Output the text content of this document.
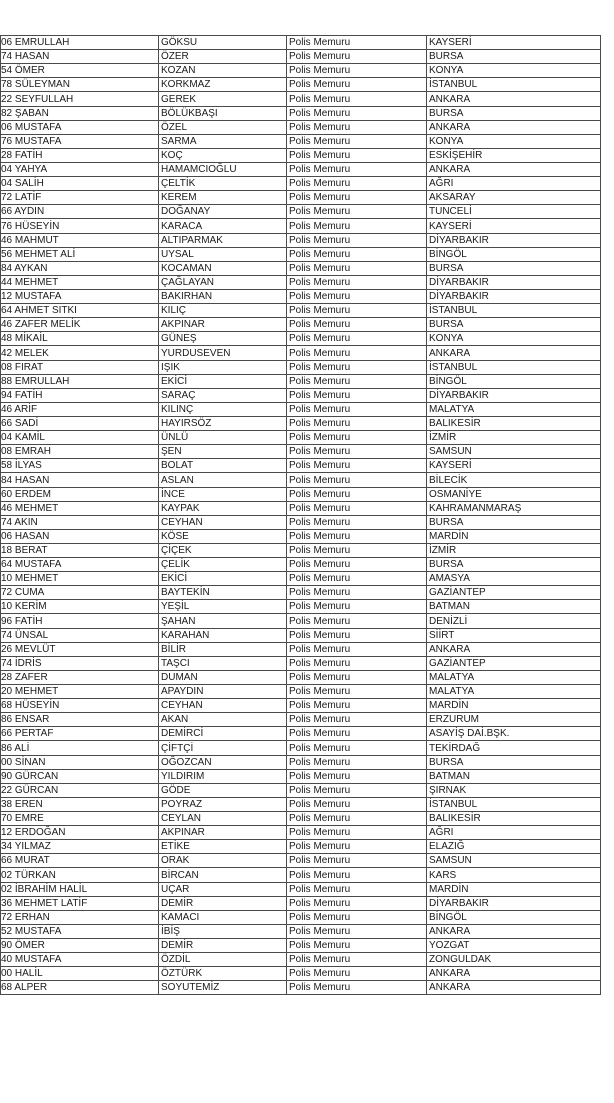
06 EMRULLAH	GÖKSU	Polis Memuru	KAYSERİ
74 HASAN	ÖZER	Polis Memuru	BURSA
54 ÖMER	KOZAN	Polis Memuru	KONYA
78 SÜLEYMAN	KORKMAZ	Polis Memuru	İSTANBUL
22 SEYFULLAH	GEREK	Polis Memuru	ANKARA
82 ŞABAN	BÖLÜKBAŞI	Polis Memuru	BURSA
06 MUSTAFA	ÖZEL	Polis Memuru	ANKARA
76 MUSTAFA	SARMA	Polis Memuru	KONYA
28 FATİH	KOÇ	Polis Memuru	ESKİŞEHİR
04 YAHYA	HAMAMCIOĞLU	Polis Memuru	ANKARA
04 SALİH	ÇELTİK	Polis Memuru	AĞRI
72 LATİF	KEREM	Polis Memuru	AKSARAY
66 AYDIN	DOĞANAY	Polis Memuru	TUNCELİ
76 HÜSEYİN	KARACA	Polis Memuru	KAYSERİ
46 MAHMUT	ALTIPARMAK	Polis Memuru	DİYARBAKIR
56 MEHMET ALİ	UYSAL	Polis Memuru	BİNGÖL
84 AYKAN	KOCAMAN	Polis Memuru	BURSA
44 MEHMET	ÇAĞLAYAN	Polis Memuru	DİYARBAKIR
12 MUSTAFA	BAKIRHAN	Polis Memuru	DİYARBAKIR
64 AHMET SITKI	KILIÇ	Polis Memuru	İSTANBUL
46 ZAFER MELİK	AKPINAR	Polis Memuru	BURSA
48 MİKAİL	GÜNEŞ	Polis Memuru	KONYA
42 MELEK	YURDUSEVEN	Polis Memuru	ANKARA
08 FIRAT	IŞIK	Polis Memuru	İSTANBUL
88 EMRULLAH	EKİCİ	Polis Memuru	BİNGÖL
94 FATİH	SARAÇ	Polis Memuru	DİYARBAKIR
46 ARİF	KILINÇ	Polis Memuru	MALATYA
66 SADİ	HAYIRSÖZ	Polis Memuru	BALIKESİR
04 KAMİL	ÜNLÜ	Polis Memuru	İZMİR
08 EMRAH	ŞEN	Polis Memuru	SAMSUN
58 İLYAS	BOLAT	Polis Memuru	KAYSERİ
84 HASAN	ASLAN	Polis Memuru	BİLECİK
60 ERDEM	İNCE	Polis Memuru	OSMANİYE
46 MEHMET	KAYPAK	Polis Memuru	KAHRAMANMARAŞ
74 AKIN	CEYHAN	Polis Memuru	BURSA
06 HASAN	KÖSE	Polis Memuru	MARDİN
18 BERAT	ÇİÇEK	Polis Memuru	İZMİR
64 MUSTAFA	ÇELİK	Polis Memuru	BURSA
10 MEHMET	EKİCİ	Polis Memuru	AMASYA
72 CUMA	BAYTEKİN	Polis Memuru	GAZİANTEP
10 KERİM	YEŞİL	Polis Memuru	BATMAN
96 FATİH	ŞAHAN	Polis Memuru	DENİZLİ
74 ÜNSAL	KARAHAN	Polis Memuru	SİİRT
26 MEVLÜT	BİLİR	Polis Memuru	ANKARA
74 İDRİS	TAŞCI	Polis Memuru	GAZİANTEP
28 ZAFER	DUMAN	Polis Memuru	MALATYA
20 MEHMET	APAYDIN	Polis Memuru	MALATYA
68 HÜSEYİN	CEYHAN	Polis Memuru	MARDİN
86 ENSAR	AKAN	Polis Memuru	ERZURUM
66 PERTAF	DEMİRCİ	Polis Memuru	ASAYİŞ DAİ.BŞK.
86 ALİ	ÇİFTÇİ	Polis Memuru	TEKİRDAĞ
00 SİNAN	OĞOZCAN	Polis Memuru	BURSA
90 GÜRCAN	YILDIRIM	Polis Memuru	BATMAN
22 GÜRCAN	GÖDE	Polis Memuru	ŞIRNAK
38 EREN	POYRAZ	Polis Memuru	İSTANBUL
70 EMRE	CEYLAN	Polis Memuru	BALIKESİR
12 ERDOĞAN	AKPINAR	Polis Memuru	AĞRI
34 YILMAZ	ETİKE	Polis Memuru	ELAZIĞ
66 MURAT	ORAK	Polis Memuru	SAMSUN
02 TÜRKAN	BİRCAN	Polis Memuru	KARS
02 İBRAHİM HALİL	UÇAR	Polis Memuru	MARDİN
36 MEHMET LATİF	DEMİR	Polis Memuru	DİYARBAKIR
72 ERHAN	KAMACI	Polis Memuru	BİNGÖL
52 MUSTAFA	İBİŞ	Polis Memuru	ANKARA
90 ÖMER	DEMİR	Polis Memuru	YOZGAT
40 MUSTAFA	ÖZDİL	Polis Memuru	ZONGULDAK
00 HALİL	ÖZTÜRK	Polis Memuru	ANKARA
68 ALPER	SOYUTEMİZ	Polis Memuru	ANKARA
